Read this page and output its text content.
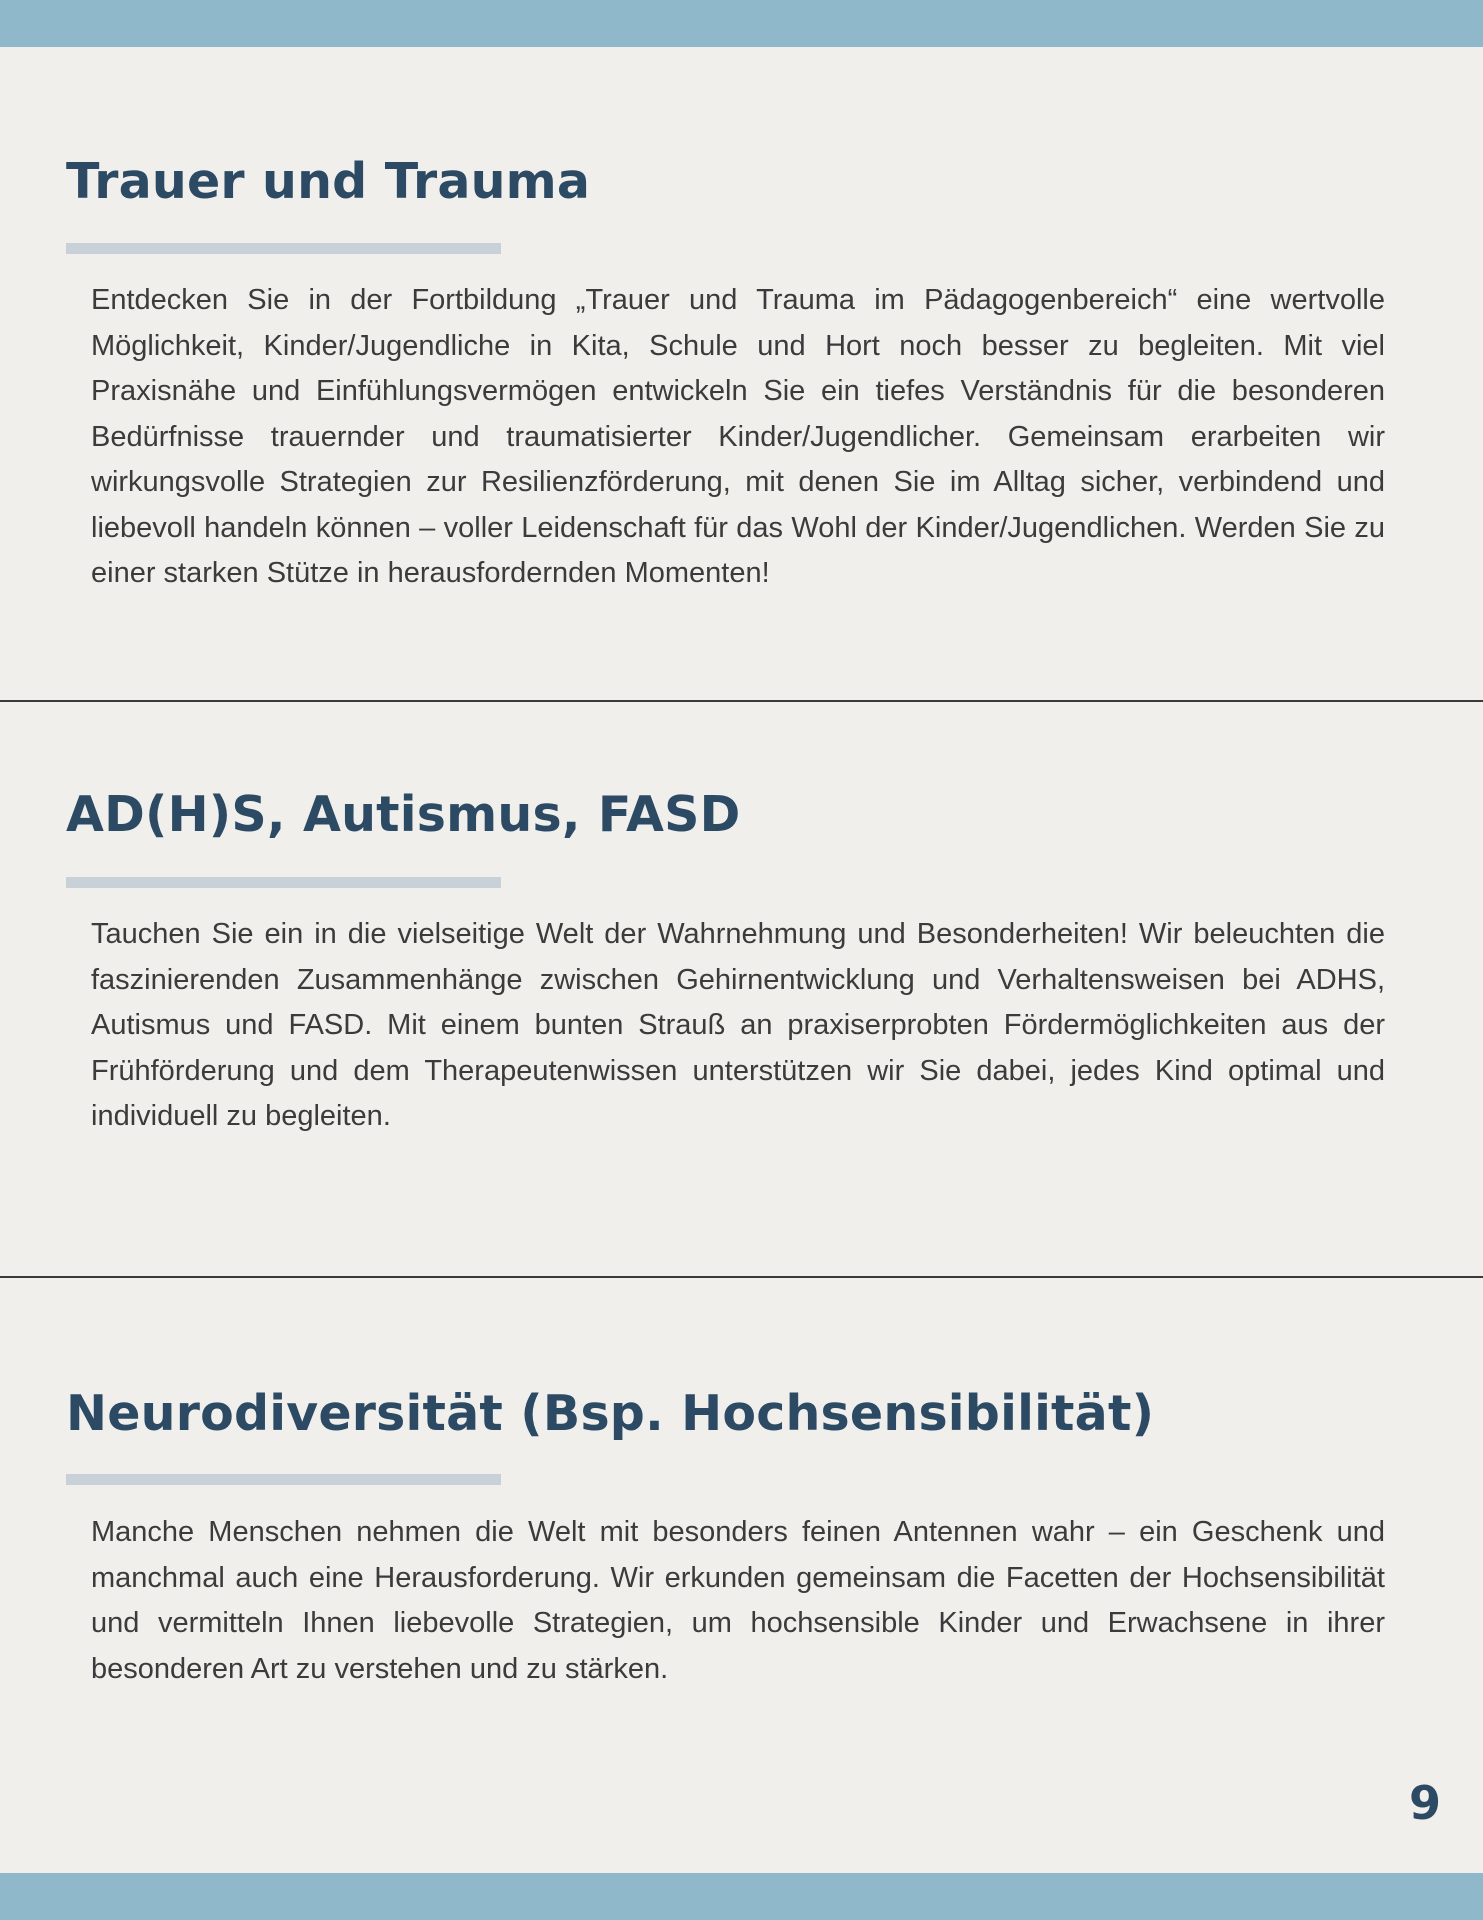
Trauer und Trauma

Entdecken Sie in der Fortbildung „Trauer und Trauma im Pädagogenbereich“ eine wertvolle Möglichkeit, Kinder/Jugendliche in Kita, Schule und Hort noch besser zu begleiten. Mit viel Praxisnähe und Einfühlungsvermögen entwickeln Sie ein tiefes Verständnis für die besonderen Bedürfnisse trauernder und traumatisierter Kinder/Jugendlicher. Gemeinsam erarbeiten wir wirkungsvolle Strategien zur Resilienzförderung, mit denen Sie im Alltag sicher, verbindend und liebevoll handeln können – voller Leidenschaft für das Wohl der Kinder/Jugendlichen. Werden Sie zu einer starken Stütze in herausfordernden Momenten!

AD(H)S, Autismus, FASD

Tauchen Sie ein in die vielseitige Welt der Wahrnehmung und Besonderheiten! Wir beleuchten die faszinierenden Zusammenhänge zwischen Gehirnentwicklung und Verhaltensweisen bei ADHS, Autismus und FASD. Mit einem bunten Strauß an praxiserprobten Fördermöglichkeiten aus der Frühförderung und dem Therapeutenwissen unterstützen wir Sie dabei, jedes Kind optimal und individuell zu begleiten.

Neurodiversität (Bsp. Hochsensibilität)

Manche Menschen nehmen die Welt mit besonders feinen Antennen wahr – ein Geschenk und manchmal auch eine Herausforderung. Wir erkunden gemeinsam die Facetten der Hochsensibilität und vermitteln Ihnen liebevolle Strategien, um hochsensible Kinder und Erwachsene in ihrer besonderen Art zu verstehen und zu stärken.

9
